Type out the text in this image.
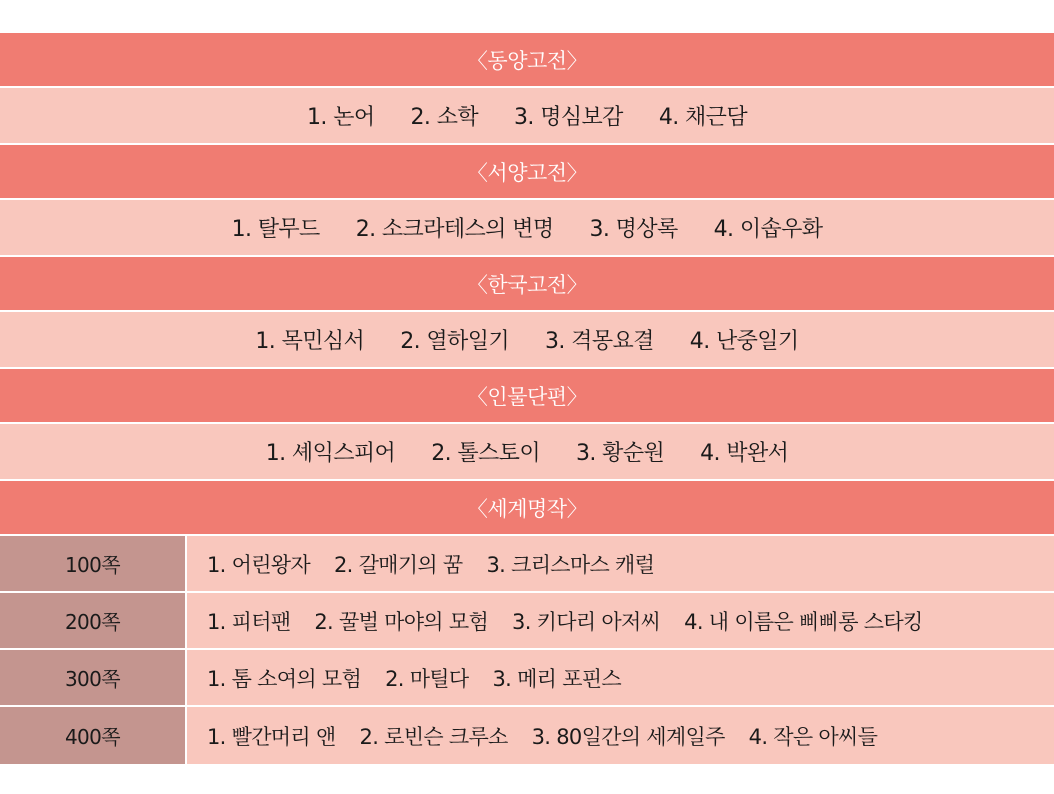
〈동양고전〉
1. 논어 2. 소학 3. 명심보감 4. 채근담
〈서양고전〉
1. 탈무드 2. 소크라테스의 변명 3. 명상록 4. 이솝우화
〈한국고전〉
1. 목민심서 2. 열하일기 3. 격몽요결 4. 난중일기
〈인물단편〉
1. 셰익스피어 2. 톨스토이 3. 황순원 4. 박완서
〈세계명작〉
100쪽	1. 어린왕자 2. 갈매기의 꿈 3. 크리스마스 캐럴
200쪽	1. 피터팬 2. 꿀벌 마야의 모험 3. 키다리 아저씨 4. 내 이름은 삐삐롱 스타킹
300쪽	1. 톰 소여의 모험 2. 마틸다 3. 메리 포핀스
400쪽	1. 빨간머리 앤 2. 로빈슨 크루소 3. 80일간의 세계일주 4. 작은 아씨들
